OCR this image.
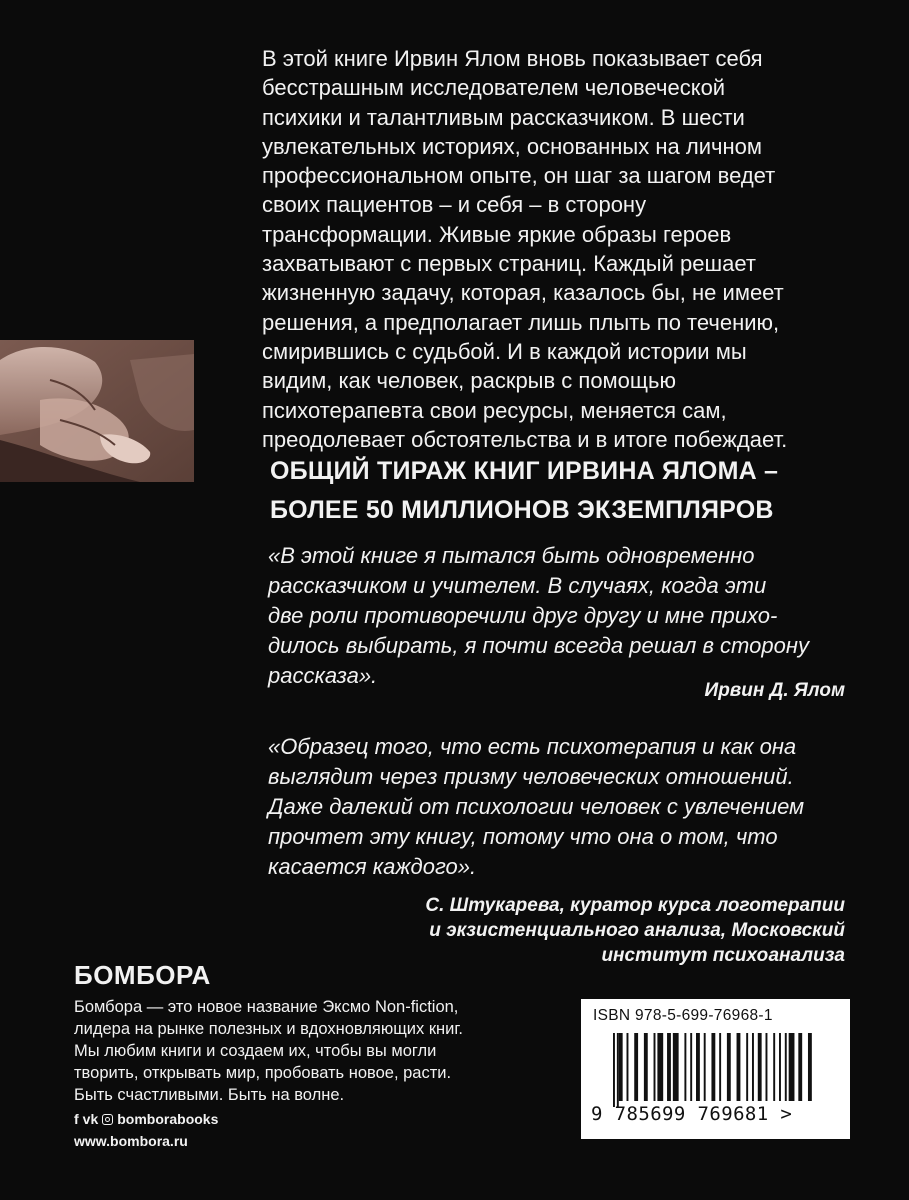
В этой книге Ирвин Ялом вновь показывает себя
бесстрашным исследователем человеческой
психики и талантливым рассказчиком. В шести
увлекательных историях, основанных на личном
профессиональном опыте, он шаг за шагом ведет
своих пациентов – и себя – в сторону
трансформации. Живые яркие образы героев
захватывают с первых страниц. Каждый решает
жизненную задачу, которая, казалось бы, не имеет
решения, а предполагает лишь плыть по течению,
смирившись с судьбой. И в каждой истории мы
видим, как человек, раскрыв с помощью
психотерапевта свои ресурсы, меняется сам,
преодолевает обстоятельства и в итоге побеждает.

ОБЩИЙ ТИРАЖ КНИГ ИРВИНА ЯЛОМА –
БОЛЕЕ 50 МИЛЛИОНОВ ЭКЗЕМПЛЯРОВ

«В этой книге я пытался быть одновременно
рассказчиком и учителем. В случаях, когда эти
две роли противоречили друг другу и мне прихо-
дилось выбирать, я почти всегда решал в сторону
рассказа».

Ирвин Д. Ялом

«Образец того, что есть психотерапия и как она
выглядит через призму человеческих отношений.
Даже далекий от психологии человек с увлечением
прочтет эту книгу, потому что она о том, что
касается каждого».

С. Штукарева, куратор курса логотерапии
и экзистенциального анализа, Московский
институт психоанализа

БОМБОРА

Бомбора — это новое название Эксмо Non-fiction,
лидера на рынке полезных и вдохновляющих книг.
Мы любим книги и создаем их, чтобы вы могли
творить, открывать мир, пробовать новое, расти.
Быть счастливыми. Быть на волне.

f vk bomborabooks

www.bombora.ru

ISBN 978-5-699-76968-1

9 785699 769681 >
